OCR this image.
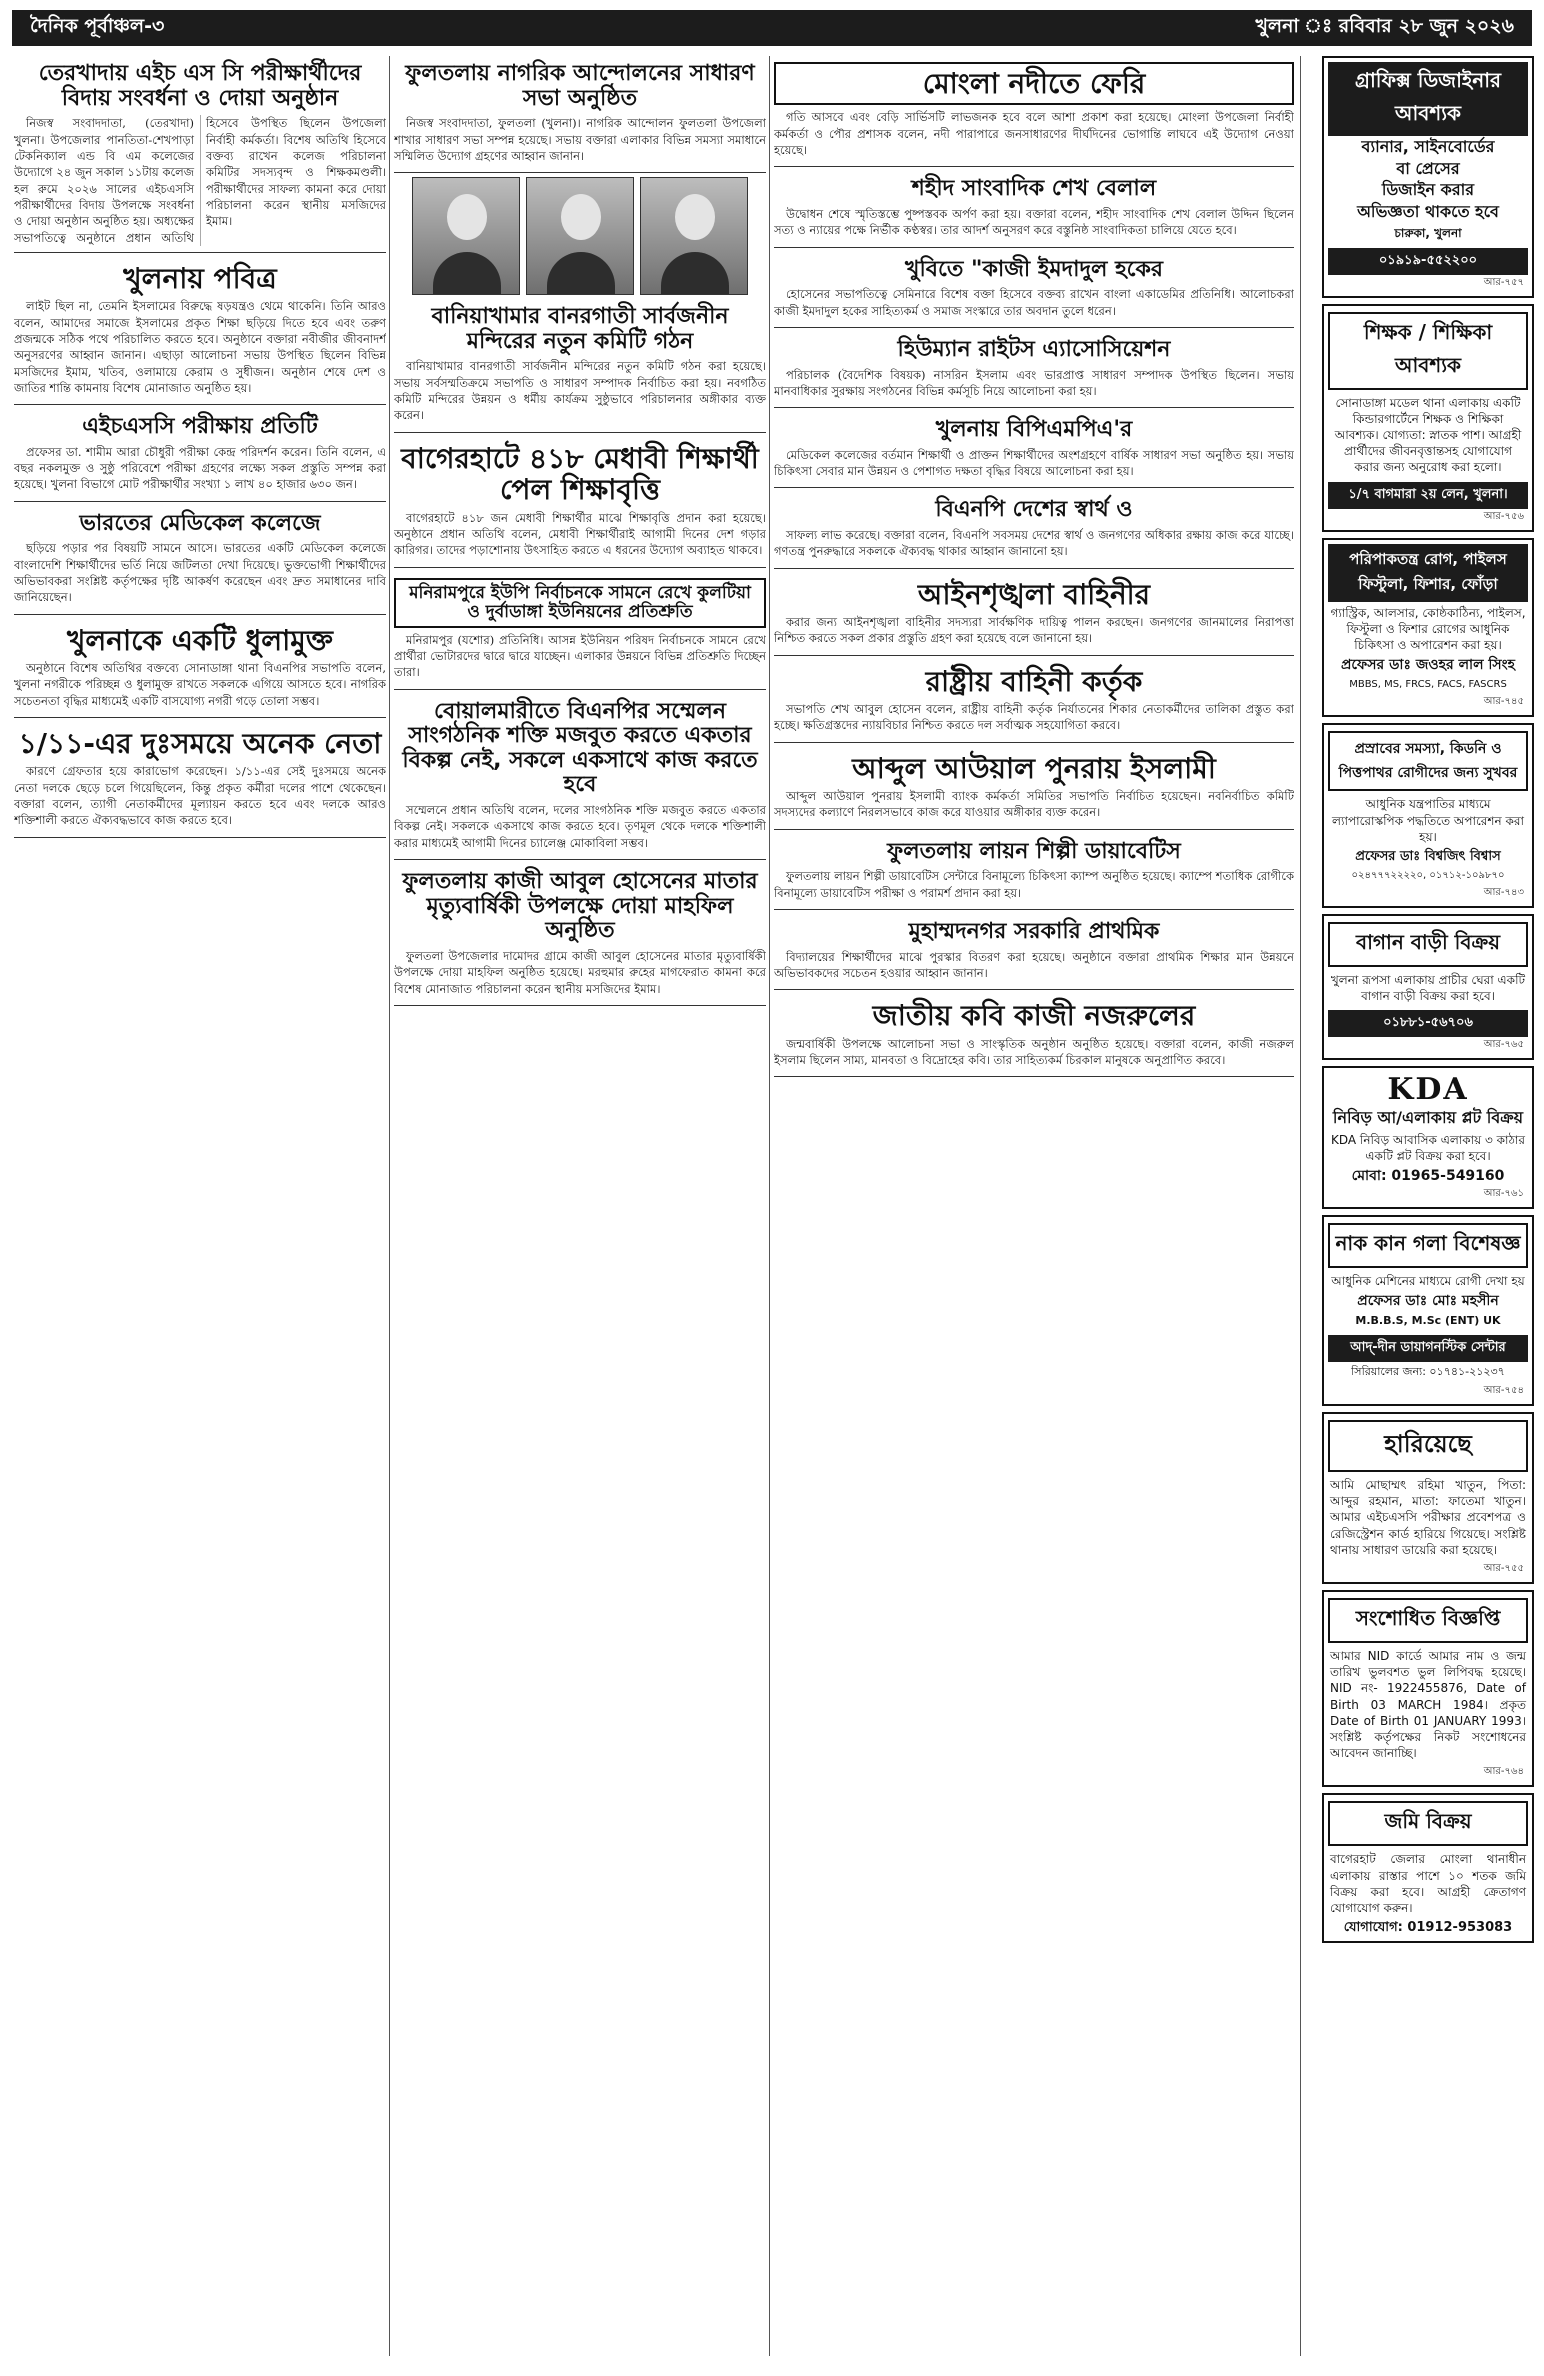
দৈনিক পূর্বাঞ্চল-৩	খুলনা ঃ রবিবার ২৮ জুন ২০২৬
তেরখাদায় এইচ এস সি পরীক্ষার্থীদের বিদায় সংবর্ধনা ও দোয়া অনুষ্ঠান

নিজস্ব সংবাদদাতা, (তেরখাদা) খুলনা। উপজেলার পানতিতা-শেখপাড়া টেকনিক্যাল এন্ড বি এম কলেজের উদ্যোগে ২৪ জুন সকাল ১১টায় কলেজ হল রুমে ২০২৬ সালের এইচএসসি পরীক্ষার্থীদের বিদায় উপলক্ষে সংবর্ধনা ও দোয়া অনুষ্ঠান অনুষ্ঠিত হয়। অধ্যক্ষের সভাপতিত্বে অনুষ্ঠানে প্রধান অতিথি হিসেবে উপস্থিত ছিলেন উপজেলা নির্বাহী কর্মকর্তা। বিশেষ অতিথি হিসেবে বক্তব্য রাখেন কলেজ পরিচালনা কমিটির সদস্যবৃন্দ ও শিক্ষকমণ্ডলী। পরীক্ষার্থীদের সাফল্য কামনা করে দোয়া পরিচালনা করেন স্থানীয় মসজিদের ইমাম।

খুলনায় পবিত্র

লাইট ছিল না, তেমনি ইসলামের বিরুদ্ধে ষড়যন্ত্রও থেমে থাকেনি। তিনি আরও বলেন, আমাদের সমাজে ইসলামের প্রকৃত শিক্ষা ছড়িয়ে দিতে হবে এবং তরুণ প্রজন্মকে সঠিক পথে পরিচালিত করতে হবে। অনুষ্ঠানে বক্তারা নবীজীর জীবনাদর্শ অনুসরণের আহ্বান জানান। এছাড়া আলোচনা সভায় উপস্থিত ছিলেন বিভিন্ন মসজিদের ইমাম, খতিব, ওলামায়ে কেরাম ও সুধীজন। অনুষ্ঠান শেষে দেশ ও জাতির শান্তি কামনায় বিশেষ মোনাজাত অনুষ্ঠিত হয়।

এইচএসসি পরীক্ষায় প্রতিটি

প্রফেসর ডা. শামীম আরা চৌধুরী পরীক্ষা কেন্দ্র পরিদর্শন করেন। তিনি বলেন, এ বছর নকলমুক্ত ও সুষ্ঠু পরিবেশে পরীক্ষা গ্রহণের লক্ষ্যে সকল প্রস্তুতি সম্পন্ন করা হয়েছে। খুলনা বিভাগে মোট পরীক্ষার্থীর সংখ্যা ১ লাখ ৪০ হাজার ৬৩০ জন।

ভারতের মেডিকেল কলেজে

ছড়িয়ে পড়ার পর বিষয়টি সামনে আসে। ভারতের একটি মেডিকেল কলেজে বাংলাদেশি শিক্ষার্থীদের ভর্তি নিয়ে জটিলতা দেখা দিয়েছে। ভুক্তভোগী শিক্ষার্থীদের অভিভাবকরা সংশ্লিষ্ট কর্তৃপক্ষের দৃষ্টি আকর্ষণ করেছেন এবং দ্রুত সমাধানের দাবি জানিয়েছেন।

খুলনাকে একটি ধুলামুক্ত

অনুষ্ঠানে বিশেষ অতিথির বক্তব্যে সোনাডাঙ্গা থানা বিএনপির সভাপতি বলেন, খুলনা নগরীকে পরিচ্ছন্ন ও ধুলামুক্ত রাখতে সকলকে এগিয়ে আসতে হবে। নাগরিক সচেতনতা বৃদ্ধির মাধ্যমেই একটি বাসযোগ্য নগরী গড়ে তোলা সম্ভব।

১/১১-এর দুঃসময়ে অনেক নেতা

কারণে গ্রেফতার হয়ে কারাভোগ করেছেন। ১/১১-এর সেই দুঃসময়ে অনেক নেতা দলকে ছেড়ে চলে গিয়েছিলেন, কিন্তু প্রকৃত কর্মীরা দলের পাশে থেকেছেন। বক্তারা বলেন, ত্যাগী নেতাকর্মীদের মূল্যায়ন করতে হবে এবং দলকে আরও শক্তিশালী করতে ঐক্যবদ্ধভাবে কাজ করতে হবে।

ফুলতলায় নাগরিক আন্দোলনের সাধারণ সভা অনুষ্ঠিত

নিজস্ব সংবাদদাতা, ফুলতলা (খুলনা)। নাগরিক আন্দোলন ফুলতলা উপজেলা শাখার সাধারণ সভা সম্পন্ন হয়েছে। সভায় বক্তারা এলাকার বিভিন্ন সমস্যা সমাধানে সম্মিলিত উদ্যোগ গ্রহণের আহ্বান জানান।

বানিয়াখামার বানরগাতী সার্বজনীন মন্দিরের নতুন কমিটি গঠন

বানিয়াখামার বানরগাতী সার্বজনীন মন্দিরের নতুন কমিটি গঠন করা হয়েছে। সভায় সর্বসম্মতিক্রমে সভাপতি ও সাধারণ সম্পাদক নির্বাচিত করা হয়। নবগঠিত কমিটি মন্দিরের উন্নয়ন ও ধর্মীয় কার্যক্রম সুষ্ঠুভাবে পরিচালনার অঙ্গীকার ব্যক্ত করেন।

বাগেরহাটে ৪১৮ মেধাবী শিক্ষার্থী পেল শিক্ষাবৃত্তি

বাগেরহাটে ৪১৮ জন মেধাবী শিক্ষার্থীর মাঝে শিক্ষাবৃত্তি প্রদান করা হয়েছে। অনুষ্ঠানে প্রধান অতিথি বলেন, মেধাবী শিক্ষার্থীরাই আগামী দিনের দেশ গড়ার কারিগর। তাদের পড়াশোনায় উৎসাহিত করতে এ ধরনের উদ্যোগ অব্যাহত থাকবে।

মনিরামপুরে ইউপি নির্বাচনকে সামনে রেখে কুলটিয়া ও দুর্বাডাঙ্গা ইউনিয়নের প্রতিশ্রুতি

মনিরামপুর (যশোর) প্রতিনিধি। আসন্ন ইউনিয়ন পরিষদ নির্বাচনকে সামনে রেখে প্রার্থীরা ভোটারদের দ্বারে দ্বারে যাচ্ছেন। এলাকার উন্নয়নে বিভিন্ন প্রতিশ্রুতি দিচ্ছেন তারা।

বোয়ালমারীতে বিএনপির সম্মেলন সাংগঠনিক শক্তি মজবুত করতে একতার বিকল্প নেই, সকলে একসাথে কাজ করতে হবে

সম্মেলনে প্রধান অতিথি বলেন, দলের সাংগঠনিক শক্তি মজবুত করতে একতার বিকল্প নেই। সকলকে একসাথে কাজ করতে হবে। তৃণমূল থেকে দলকে শক্তিশালী করার মাধ্যমেই আগামী দিনের চ্যালেঞ্জ মোকাবিলা সম্ভব।

ফুলতলায় কাজী আবুল হোসেনের মাতার মৃত্যুবার্ষিকী উপলক্ষে দোয়া মাহফিল অনুষ্ঠিত

ফুলতলা উপজেলার দামোদর গ্রামে কাজী আবুল হোসেনের মাতার মৃত্যুবার্ষিকী উপলক্ষে দোয়া মাহফিল অনুষ্ঠিত হয়েছে। মরহুমার রুহের মাগফেরাত কামনা করে বিশেষ মোনাজাত পরিচালনা করেন স্থানীয় মসজিদের ইমাম।

মোংলা নদীতে ফেরি

গতি আসবে এবং বেড়ি সার্ভিসটি লাভজনক হবে বলে আশা প্রকাশ করা হয়েছে। মোংলা উপজেলা নির্বাহী কর্মকর্তা ও পৌর প্রশাসক বলেন, নদী পারাপারে জনসাধারণের দীর্ঘদিনের ভোগান্তি লাঘবে এই উদ্যোগ নেওয়া হয়েছে।

শহীদ সাংবাদিক শেখ বেলাল

উদ্বোধন শেষে স্মৃতিস্তম্ভে পুষ্পস্তবক অর্পণ করা হয়। বক্তারা বলেন, শহীদ সাংবাদিক শেখ বেলাল উদ্দিন ছিলেন সত্য ও ন্যায়ের পক্ষে নির্ভীক কণ্ঠস্বর। তার আদর্শ অনুসরণ করে বস্তুনিষ্ঠ সাংবাদিকতা চালিয়ে যেতে হবে।

খুবিতে "কাজী ইমদাদুল হকের

হোসেনের সভাপতিত্বে সেমিনারে বিশেষ বক্তা হিসেবে বক্তব্য রাখেন বাংলা একাডেমির প্রতিনিধি। আলোচকরা কাজী ইমদাদুল হকের সাহিত্যকর্ম ও সমাজ সংস্কারে তার অবদান তুলে ধরেন।

হিউম্যান রাইটস এ্যাসোসিয়েশন

পরিচালক (বৈদেশিক বিষয়ক) নাসরিন ইসলাম এবং ভারপ্রাপ্ত সাধারণ সম্পাদক উপস্থিত ছিলেন। সভায় মানবাধিকার সুরক্ষায় সংগঠনের বিভিন্ন কর্মসূচি নিয়ে আলোচনা করা হয়।

খুলনায় বিপিএমপিএ'র

মেডিকেল কলেজের বর্তমান শিক্ষার্থী ও প্রাক্তন শিক্ষার্থীদের অংশগ্রহণে বার্ষিক সাধারণ সভা অনুষ্ঠিত হয়। সভায় চিকিৎসা সেবার মান উন্নয়ন ও পেশাগত দক্ষতা বৃদ্ধির বিষয়ে আলোচনা করা হয়।

বিএনপি দেশের স্বার্থ ও

সাফল্য লাভ করেছে। বক্তারা বলেন, বিএনপি সবসময় দেশের স্বার্থ ও জনগণের অধিকার রক্ষায় কাজ করে যাচ্ছে। গণতন্ত্র পুনরুদ্ধারে সকলকে ঐক্যবদ্ধ থাকার আহ্বান জানানো হয়।

আইনশৃঙ্খলা বাহিনীর

করার জন্য আইনশৃঙ্খলা বাহিনীর সদস্যরা সার্বক্ষণিক দায়িত্ব পালন করছেন। জনগণের জানমালের নিরাপত্তা নিশ্চিত করতে সকল প্রকার প্রস্তুতি গ্রহণ করা হয়েছে বলে জানানো হয়।

রাষ্ট্রীয় বাহিনী কর্তৃক

সভাপতি শেখ আবুল হোসেন বলেন, রাষ্ট্রীয় বাহিনী কর্তৃক নির্যাতনের শিকার নেতাকর্মীদের তালিকা প্রস্তুত করা হচ্ছে। ক্ষতিগ্রস্তদের ন্যায়বিচার নিশ্চিত করতে দল সর্বাত্মক সহযোগিতা করবে।

আব্দুল আউয়াল পুনরায় ইসলামী

আব্দুল আউয়াল পুনরায় ইসলামী ব্যাংক কর্মকর্তা সমিতির সভাপতি নির্বাচিত হয়েছেন। নবনির্বাচিত কমিটি সদস্যদের কল্যাণে নিরলসভাবে কাজ করে যাওয়ার অঙ্গীকার ব্যক্ত করেন।

ফুলতলায় লায়ন শিল্পী ডায়াবেটিস

ফুলতলায় লায়ন শিল্পী ডায়াবেটিস সেন্টারে বিনামূল্যে চিকিৎসা ক্যাম্প অনুষ্ঠিত হয়েছে। ক্যাম্পে শতাধিক রোগীকে বিনামূল্যে ডায়াবেটিস পরীক্ষা ও পরামর্শ প্রদান করা হয়।

মুহাম্মদনগর সরকারি প্রাথমিক

বিদ্যালয়ের শিক্ষার্থীদের মাঝে পুরস্কার বিতরণ করা হয়েছে। অনুষ্ঠানে বক্তারা প্রাথমিক শিক্ষার মান উন্নয়নে অভিভাবকদের সচেতন হওয়ার আহ্বান জানান।

জাতীয় কবি কাজী নজরুলের

জন্মবার্ষিকী উপলক্ষে আলোচনা সভা ও সাংস্কৃতিক অনুষ্ঠান অনুষ্ঠিত হয়েছে। বক্তারা বলেন, কাজী নজরুল ইসলাম ছিলেন সাম্য, মানবতা ও বিদ্রোহের কবি। তার সাহিত্যকর্ম চিরকাল মানুষকে অনুপ্রাণিত করবে।

গ্রাফিক্স ডিজাইনার আবশ্যক
ব্যানার, সাইনবোর্ডের
বা প্রেসের
ডিজাইন করার
অভিজ্ঞতা থাকতে হবে
চারুকা, খুলনা
০১৯১৯-৫৫২২০০
আর-৭৫৭
শিক্ষক / শিক্ষিকা আবশ্যক
সোনাডাঙ্গা মডেল থানা এলাকায় একটি কিন্ডারগার্টেনে শিক্ষক ও শিক্ষিকা আবশ্যক। যোগ্যতা: স্নাতক পাশ। আগ্রহী প্রার্থীদের জীবনবৃত্তান্তসহ যোগাযোগ করার জন্য অনুরোধ করা হলো।
১/৭ বাগমারা ২য় লেন, খুলনা।
আর-৭৫৬
পরিপাকতন্ত্র রোগ, পাইলস ফিস্টুলা, ফিশার, ফোঁড়া
গ্যাস্ট্রিক, আলসার, কোষ্ঠকাঠিন্য, পাইলস, ফিস্টুলা ও ফিশার রোগের আধুনিক চিকিৎসা ও অপারেশন করা হয়।
প্রফেসর ডাঃ জওহর লাল সিংহ
MBBS, MS, FRCS, FACS, FASCRS
আর-৭৪৫
প্রস্রাবের সমস্যা, কিডনি ও পিত্তপাথর রোগীদের জন্য সুখবর
আধুনিক যন্ত্রপাতির মাধ্যমে ল্যাপারোস্কপিক পদ্ধতিতে অপারেশন করা হয়।
প্রফেসর ডাঃ বিশ্বজিৎ বিশ্বাস
০২৪৭৭৭২২২২০, ০১৭১২-১০৯৮৭০
আর-৭৪৩
বাগান বাড়ী বিক্রয়
খুলনা রূপসা এলাকায় প্রাচীর ঘেরা একটি বাগান বাড়ী বিক্রয় করা হবে।
০১৮৮১-৫৬৭০৬
আর-৭৬৫
KDA
নিবিড় আ/এলাকায় প্লট বিক্রয়
KDA নিবিড় আবাসিক এলাকায় ৩ কাঠার একটি প্লট বিক্রয় করা হবে।
মোবা: 01965-549160
আর-৭৬১
নাক কান গলা বিশেষজ্ঞ
আধুনিক মেশিনের মাধ্যমে রোগী দেখা হয়
প্রফেসর ডাঃ মোঃ মহসীন
M.B.B.S, M.Sc (ENT) UK
আদ্-দীন ডায়াগনস্টিক সেন্টার
সিরিয়ালের জন্য: ০১৭৪১-২১২৩৭
আর-৭৫৪
হারিয়েছে
আমি মোছাম্মৎ রহিমা খাতুন, পিতা: আব্দুর রহমান, মাতা: ফাতেমা খাতুন। আমার এইচএসসি পরীক্ষার প্রবেশপত্র ও রেজিস্ট্রেশন কার্ড হারিয়ে গিয়েছে। সংশ্লিষ্ট থানায় সাধারণ ডায়েরি করা হয়েছে।
আর-৭৫৫
সংশোধিত বিজ্ঞপ্তি
আমার NID কার্ডে আমার নাম ও জন্ম তারিখ ভুলবশত ভুল লিপিবদ্ধ হয়েছে। NID নং- 1922455876, Date of Birth 03 MARCH 1984। প্রকৃত Date of Birth 01 JANUARY 1993। সংশ্লিষ্ট কর্তৃপক্ষের নিকট সংশোধনের আবেদন জানাচ্ছি।
আর-৭৬৪
জমি বিক্রয়
বাগেরহাট জেলার মোংলা থানাধীন এলাকায় রাস্তার পাশে ১০ শতক জমি বিক্রয় করা হবে। আগ্রহী ক্রেতাগণ যোগাযোগ করুন।
যোগাযোগ: 01912-953083
